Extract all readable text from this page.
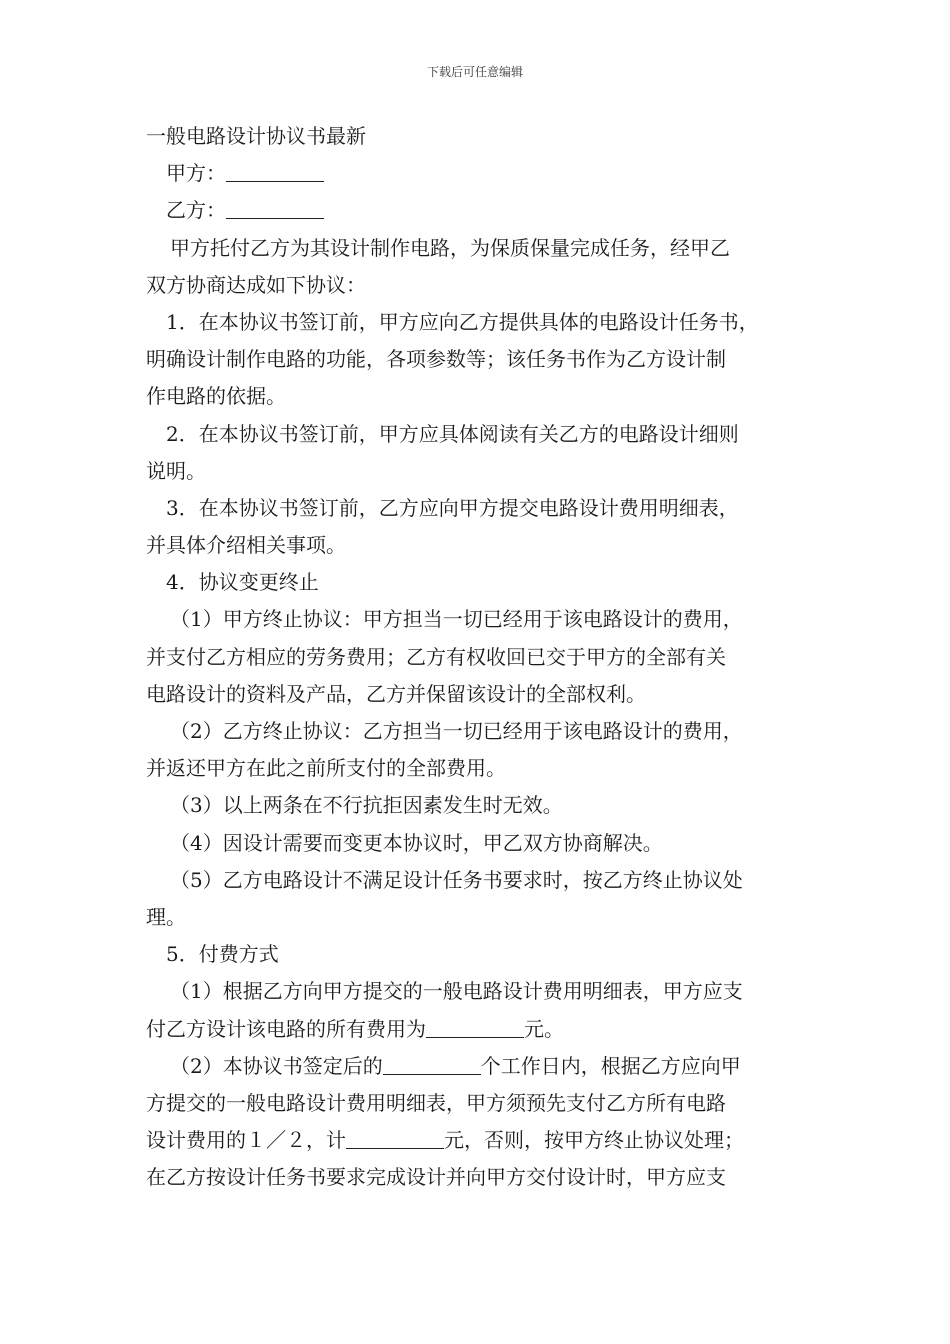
下载后可任意编辑
一般电路设计协议书最新
甲方：
乙方：
甲方托付乙方为其设计制作电路，为保质保量完成任务，经甲乙
双方协商达成如下协议：
1．在本协议书签订前，甲方应向乙方提供具体的电路设计任务书，
明确设计制作电路的功能，各项参数等；该任务书作为乙方设计制
作电路的依据。
2．在本协议书签订前，甲方应具体阅读有关乙方的电路设计细则
说明。
3．在本协议书签订前，乙方应向甲方提交电路设计费用明细表，
并具体介绍相关事项。
4．协议变更终止
（1）甲方终止协议：甲方担当一切已经用于该电路设计的费用，
并支付乙方相应的劳务费用；乙方有权收回已交于甲方的全部有关
电路设计的资料及产品，乙方并保留该设计的全部权利。
（2）乙方终止协议：乙方担当一切已经用于该电路设计的费用，
并返还甲方在此之前所支付的全部费用。
（3）以上两条在不行抗拒因素发生时无效。
（4）因设计需要而变更本协议时，甲乙双方协商解决。
（5）乙方电路设计不满足设计任务书要求时，按乙方终止协议处
理。
5．付费方式
（1）根据乙方向甲方提交的一般电路设计费用明细表，甲方应支
付乙方设计该电路的所有费用为	元。
（2）本协议书签定后的	个工作日内，根据乙方应向甲
方提交的一般电路设计费用明细表，甲方须预先支付乙方所有电路
设计费用的１／２，计	元，否则，按甲方终止协议处理；
在乙方按设计任务书要求完成设计并向甲方交付设计时，甲方应支
